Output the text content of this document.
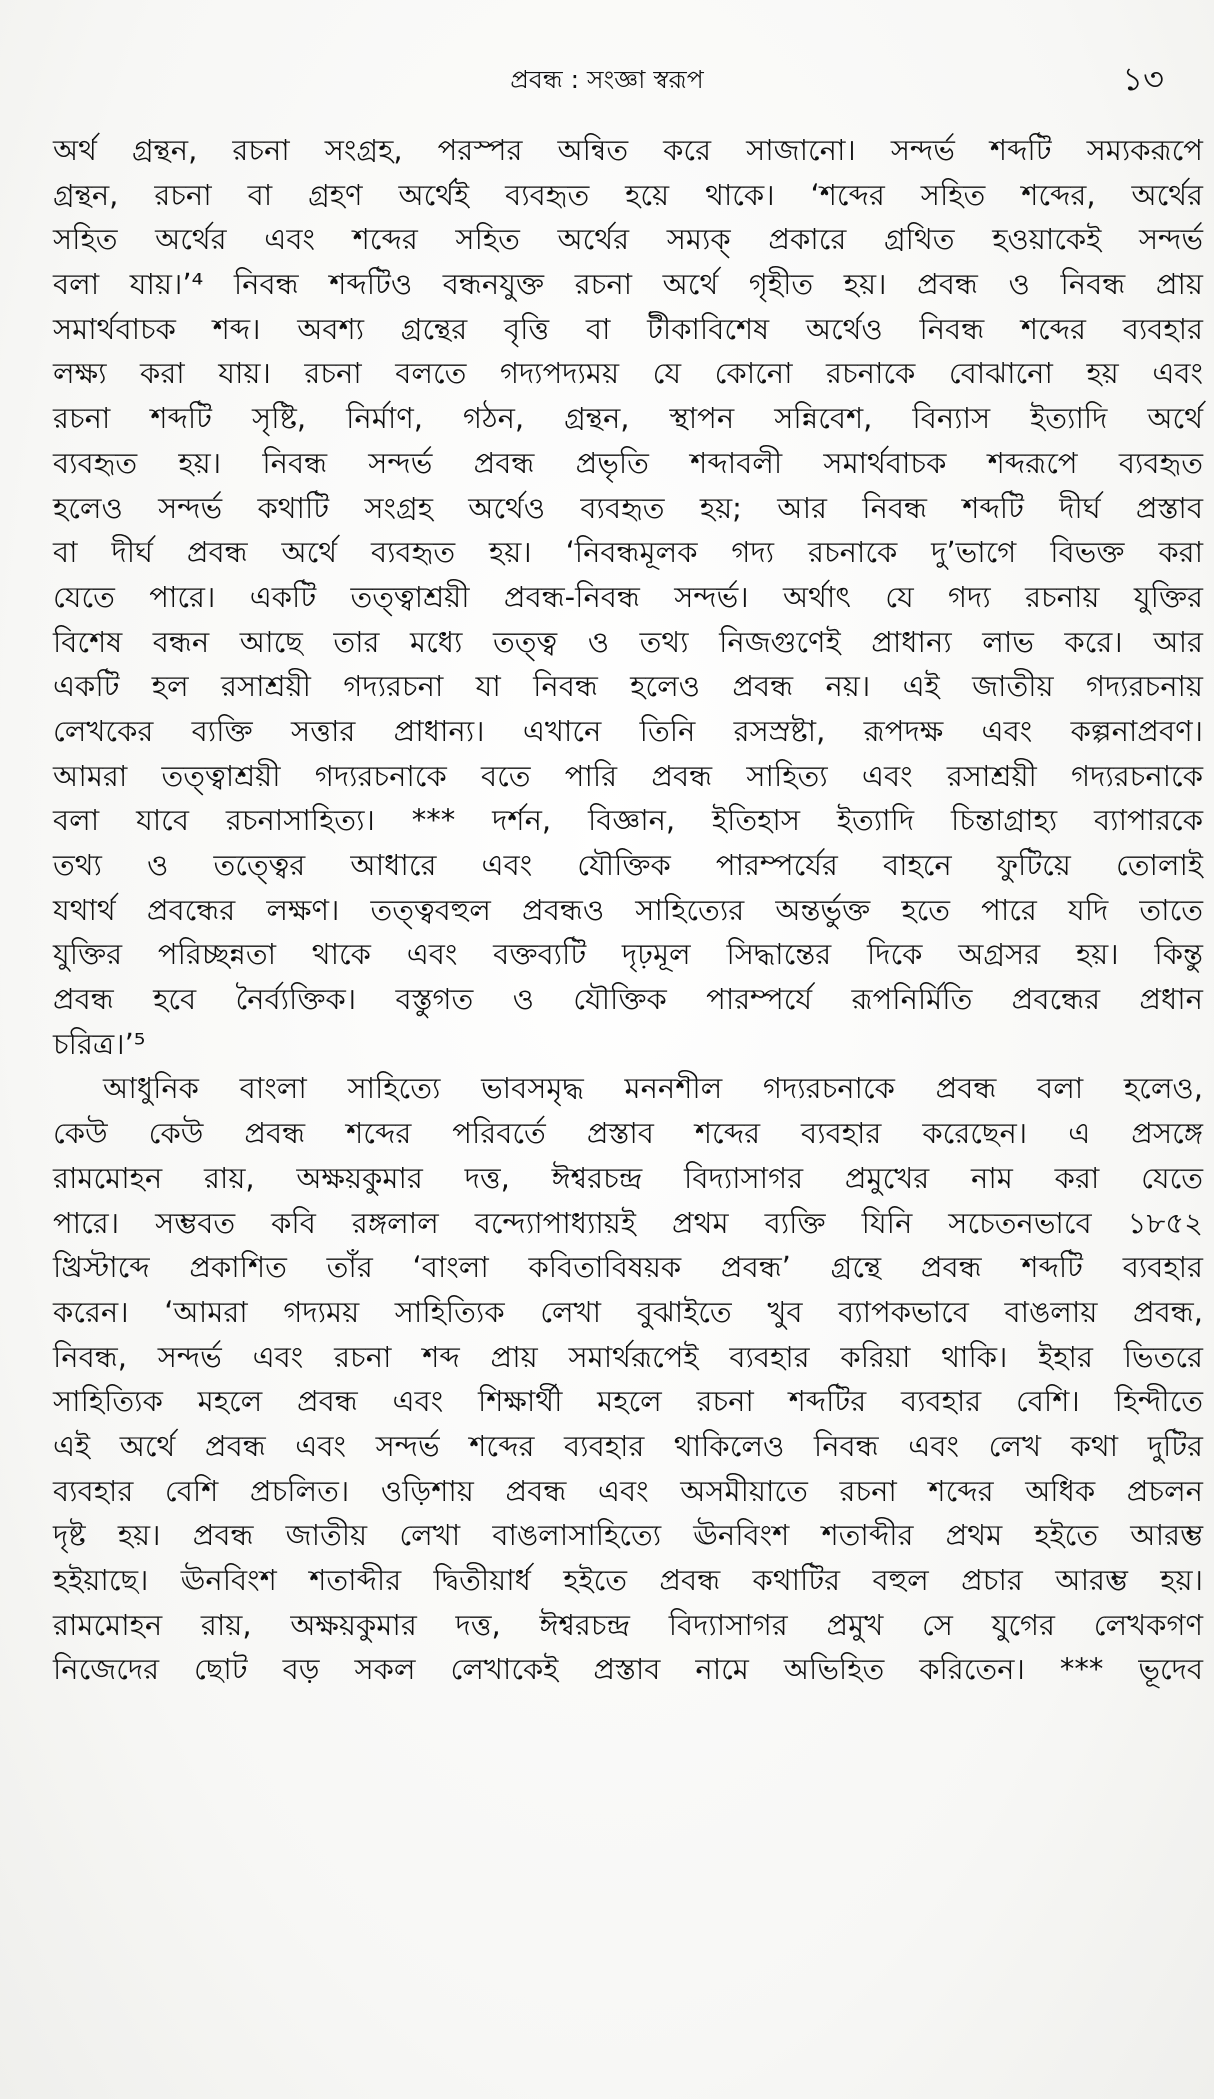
প্রবন্ধ : সংজ্ঞা স্বরূপ	১৩
অর্থ গ্রন্থন, রচনা সংগ্রহ, পরস্পর অন্বিত করে সাজানো। সন্দর্ভ শব্দটি সম্যকরূপে
গ্রন্থন, রচনা বা গ্রহণ অর্থেই ব্যবহৃত হয়ে থাকে। ‘শব্দের সহিত শব্দের, অর্থের
সহিত অর্থের এবং শব্দের সহিত অর্থের সম্যক্ প্রকারে গ্রথিত হওয়াকেই সন্দর্ভ
বলা যায়।’⁴ নিবন্ধ শব্দটিও বন্ধনযুক্ত রচনা অর্থে গৃহীত হয়। প্রবন্ধ ও নিবন্ধ প্রায়
সমার্থবাচক শব্দ। অবশ্য গ্রন্থের বৃত্তি বা টীকাবিশেষ অর্থেও নিবন্ধ শব্দের ব্যবহার
লক্ষ্য করা যায়। রচনা বলতে গদ্যপদ্যময় যে কোনো রচনাকে বোঝানো হয় এবং
রচনা শব্দটি সৃষ্টি, নির্মাণ, গঠন, গ্রন্থন, স্থাপন সন্নিবেশ, বিন্যাস ইত্যাদি অর্থে
ব্যবহৃত হয়। নিবন্ধ সন্দর্ভ প্রবন্ধ প্রভৃতি শব্দাবলী সমার্থবাচক শব্দরূপে ব্যবহৃত
হলেও সন্দর্ভ কথাটি সংগ্রহ অর্থেও ব্যবহৃত হয়; আর নিবন্ধ শব্দটি দীর্ঘ প্রস্তাব
বা দীর্ঘ প্রবন্ধ অর্থে ব্যবহৃত হয়। ‘নিবন্ধমূলক গদ্য রচনাকে দু’ভাগে বিভক্ত করা
যেতে পারে। একটি তত্ত্বাশ্রয়ী প্রবন্ধ-নিবন্ধ সন্দর্ভ। অর্থাৎ যে গদ্য রচনায় যুক্তির
বিশেষ বন্ধন আছে তার মধ্যে তত্ত্ব ও তথ্য নিজগুণেই প্রাধান্য লাভ করে। আর
একটি হল রসাশ্রয়ী গদ্যরচনা যা নিবন্ধ হলেও প্রবন্ধ নয়। এই জাতীয় গদ্যরচনায়
লেখকের ব্যক্তি সত্তার প্রাধান্য। এখানে তিনি রসস্রষ্টা, রূপদক্ষ এবং কল্পনাপ্রবণ।
আমরা তত্ত্বাশ্রয়ী গদ্যরচনাকে বতে পারি প্রবন্ধ সাহিত্য এবং রসাশ্রয়ী গদ্যরচনাকে
বলা যাবে রচনাসাহিত্য। *** দর্শন, বিজ্ঞান, ইতিহাস ইত্যাদি চিন্তাগ্রাহ্য ব্যাপারকে
তথ্য ও তত্ত্বের আধারে এবং যৌক্তিক পারম্পর্যের বাহনে ফুটিয়ে তোলাই
যথার্থ প্রবন্ধের লক্ষণ। তত্ত্ববহুল প্রবন্ধও সাহিত্যের অন্তর্ভুক্ত হতে পারে যদি তাতে
যুক্তির পরিচ্ছন্নতা থাকে এবং বক্তব্যটি দৃঢ়মূল সিদ্ধান্তের দিকে অগ্রসর হয়। কিন্তু
প্রবন্ধ হবে নৈর্ব্যক্তিক। বস্তুগত ও যৌক্তিক পারম্পর্যে রূপনির্মিতি প্রবন্ধের প্রধান
চরিত্র।’⁵
আধুনিক বাংলা সাহিত্যে ভাবসমৃদ্ধ মননশীল গদ্যরচনাকে প্রবন্ধ বলা হলেও,
কেউ কেউ প্রবন্ধ শব্দের পরিবর্তে প্রস্তাব শব্দের ব্যবহার করেছেন। এ প্রসঙ্গে
রামমোহন রায়, অক্ষয়কুমার দত্ত, ঈশ্বরচন্দ্র বিদ্যাসাগর প্রমুখের নাম করা যেতে
পারে। সম্ভবত কবি রঙ্গলাল বন্দ্যোপাধ্যায়ই প্রথম ব্যক্তি যিনি সচেতনভাবে ১৮৫২
খ্রিস্টাব্দে প্রকাশিত তাঁর ‘বাংলা কবিতাবিষয়ক প্রবন্ধ’ গ্রন্থে প্রবন্ধ শব্দটি ব্যবহার
করেন। ‘আমরা গদ্যময় সাহিত্যিক লেখা বুঝাইতে খুব ব্যাপকভাবে বাঙলায় প্রবন্ধ,
নিবন্ধ, সন্দর্ভ এবং রচনা শব্দ প্রায় সমার্থরূপেই ব্যবহার করিয়া থাকি। ইহার ভিতরে
সাহিত্যিক মহলে প্রবন্ধ এবং শিক্ষার্থী মহলে রচনা শব্দটির ব্যবহার বেশি। হিন্দীতে
এই অর্থে প্রবন্ধ এবং সন্দর্ভ শব্দের ব্যবহার থাকিলেও নিবন্ধ এবং লেখ কথা দুটির
ব্যবহার বেশি প্রচলিত। ওড়িশায় প্রবন্ধ এবং অসমীয়াতে রচনা শব্দের অধিক প্রচলন
দৃষ্ট হয়। প্রবন্ধ জাতীয় লেখা বাঙলাসাহিত্যে ঊনবিংশ শতাব্দীর প্রথম হইতে আরম্ভ
হইয়াছে। ঊনবিংশ শতাব্দীর দ্বিতীয়ার্ধ হইতে প্রবন্ধ কথাটির বহুল প্রচার আরম্ভ হয়।
রামমোহন রায়, অক্ষয়কুমার দত্ত, ঈশ্বরচন্দ্র বিদ্যাসাগর প্রমুখ সে যুগের লেখকগণ
নিজেদের ছোট বড় সকল লেখাকেই প্রস্তাব নামে অভিহিত করিতেন। *** ভূদেব
